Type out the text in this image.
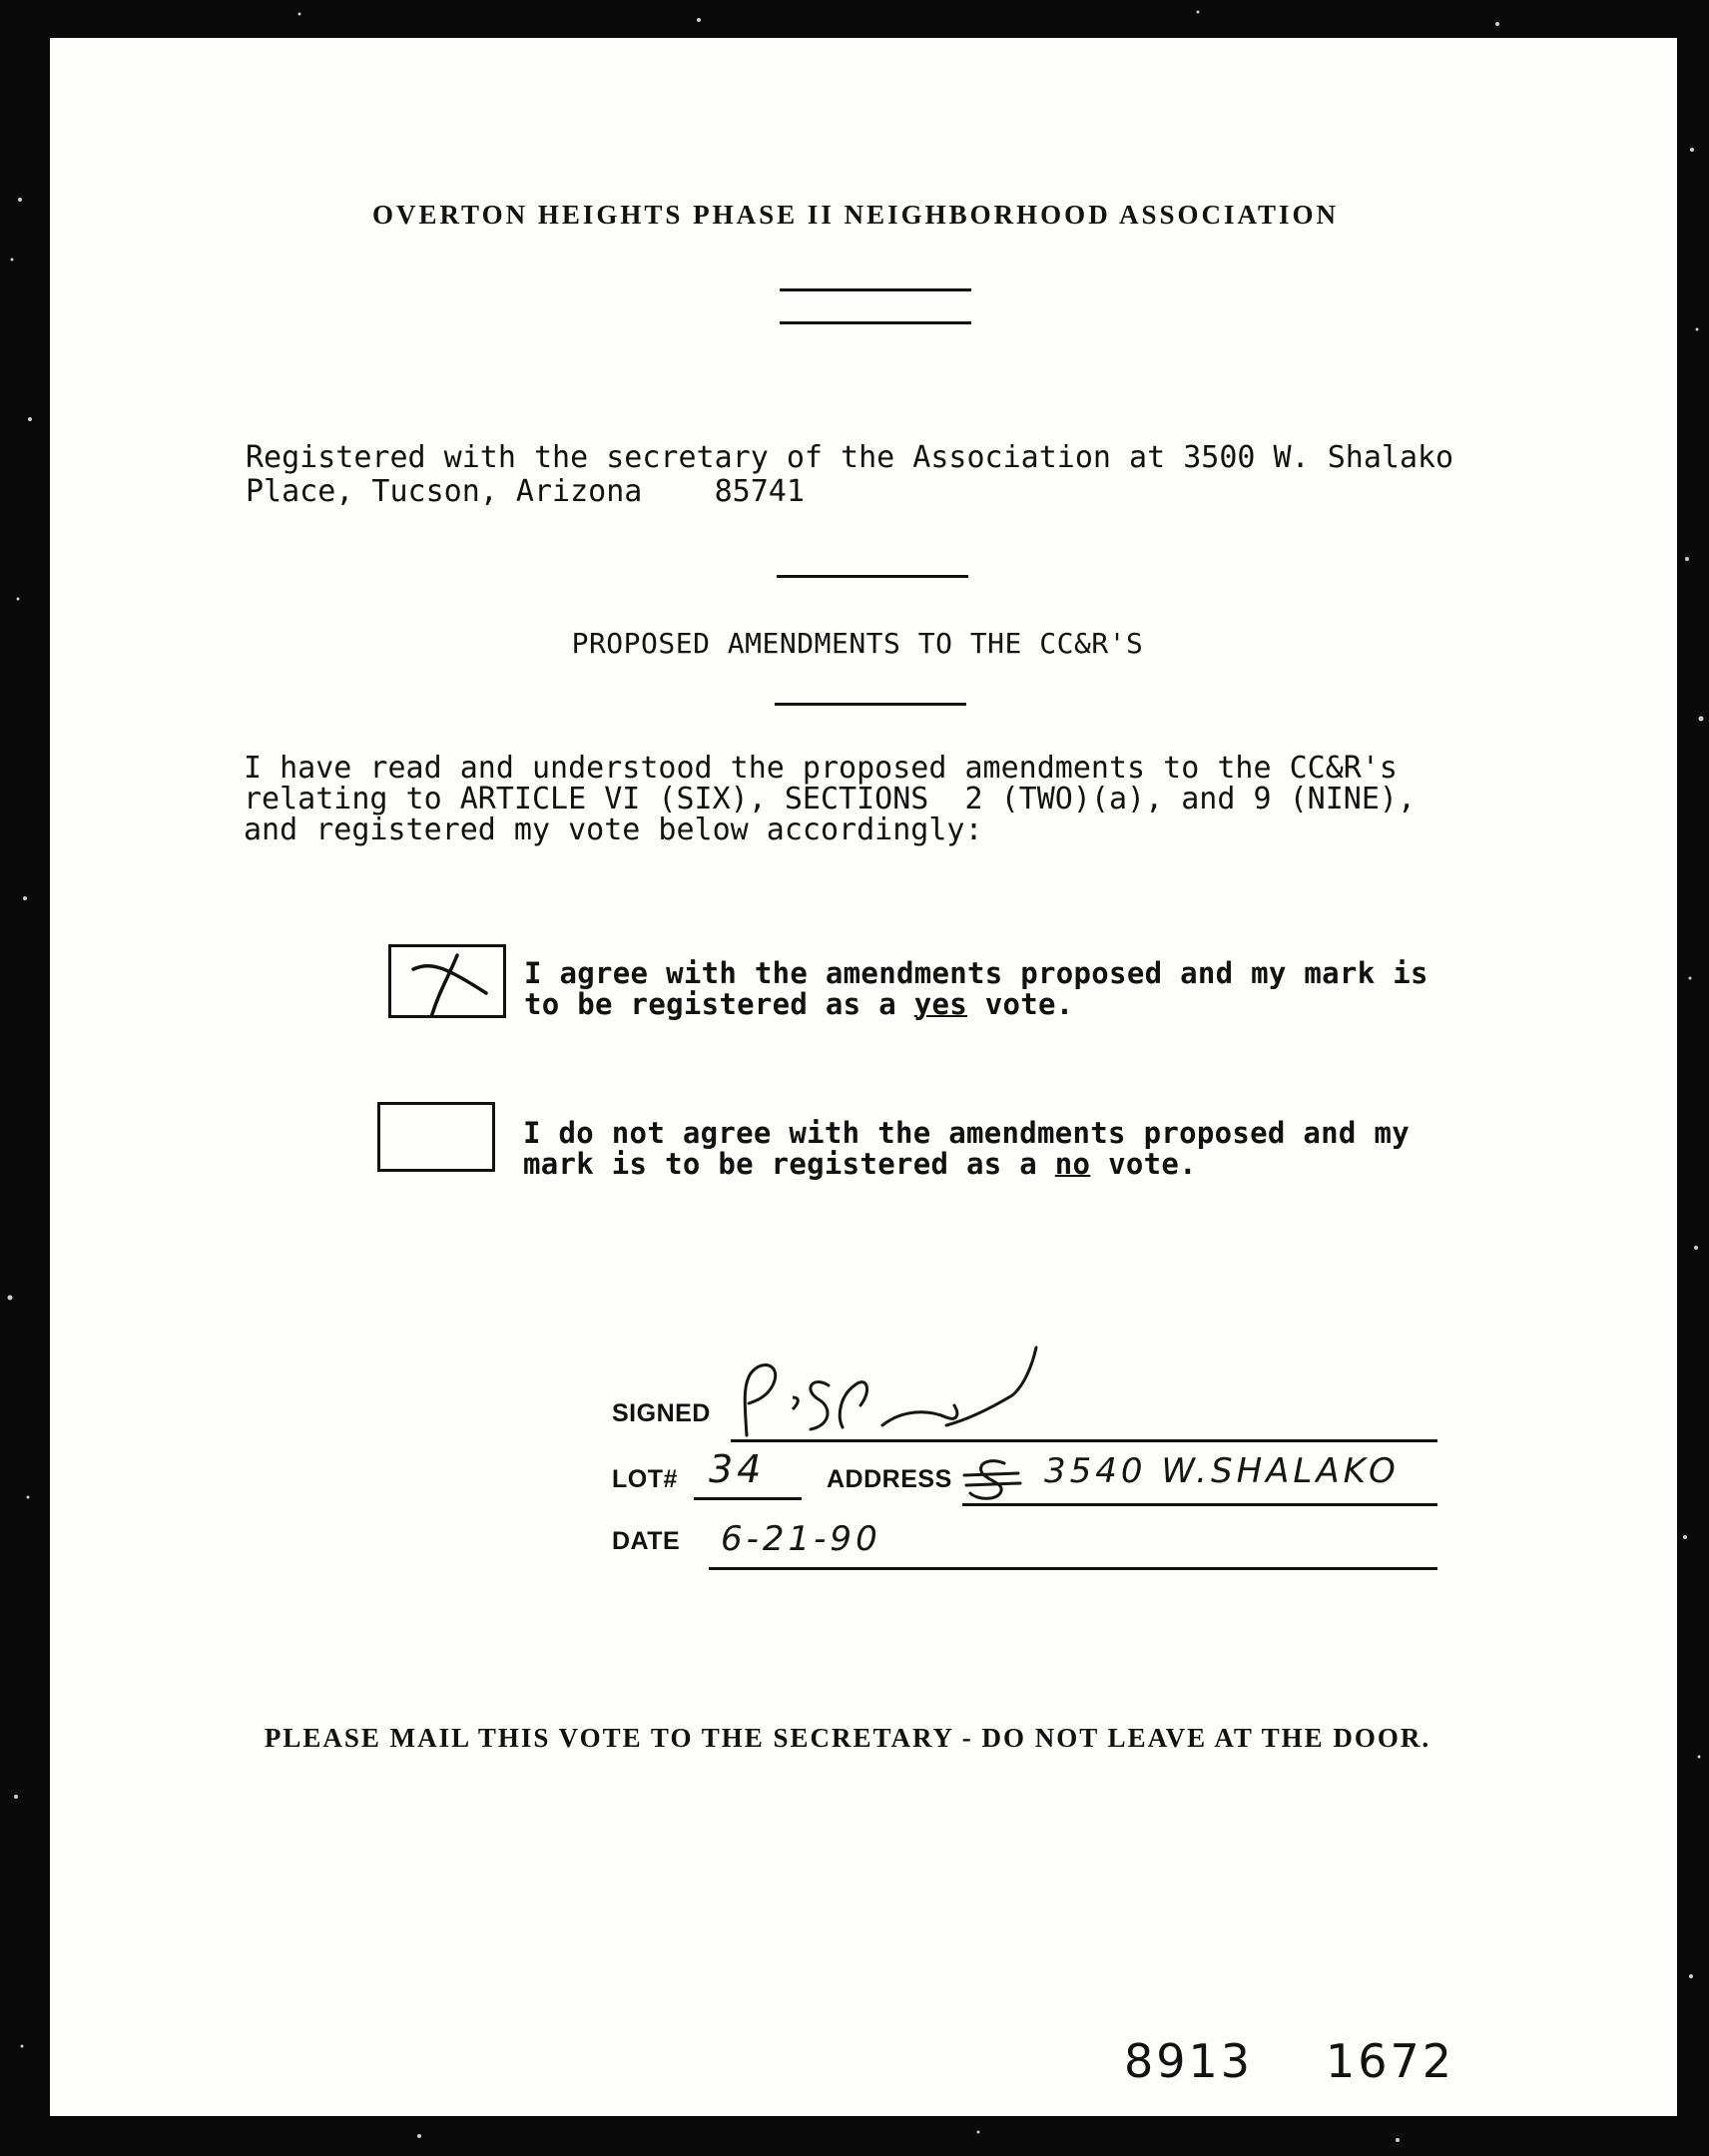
OVERTON HEIGHTS PHASE II NEIGHBORHOOD ASSOCIATION
Registered with the secretary of the Association at 3500 W. Shalako
Place, Tucson, Arizona    85741
PROPOSED AMENDMENTS TO THE CC&R'S
I have read and understood the proposed amendments to the CC&R's
relating to ARTICLE VI (SIX), SECTIONS  2 (TWO)(a), and 9 (NINE),
and registered my vote below accordingly:
I agree with the amendments proposed and my mark is
to be registered as a yes vote.
I do not agree with the amendments proposed and my
mark is to be registered as a no vote.
SIGNED
LOT# 34 ADDRESS	3540 W.SHALAKO
DATE 6-21-90
PLEASE MAIL THIS VOTE TO THE SECRETARY - DO NOT LEAVE AT THE DOOR.
8913 1672
